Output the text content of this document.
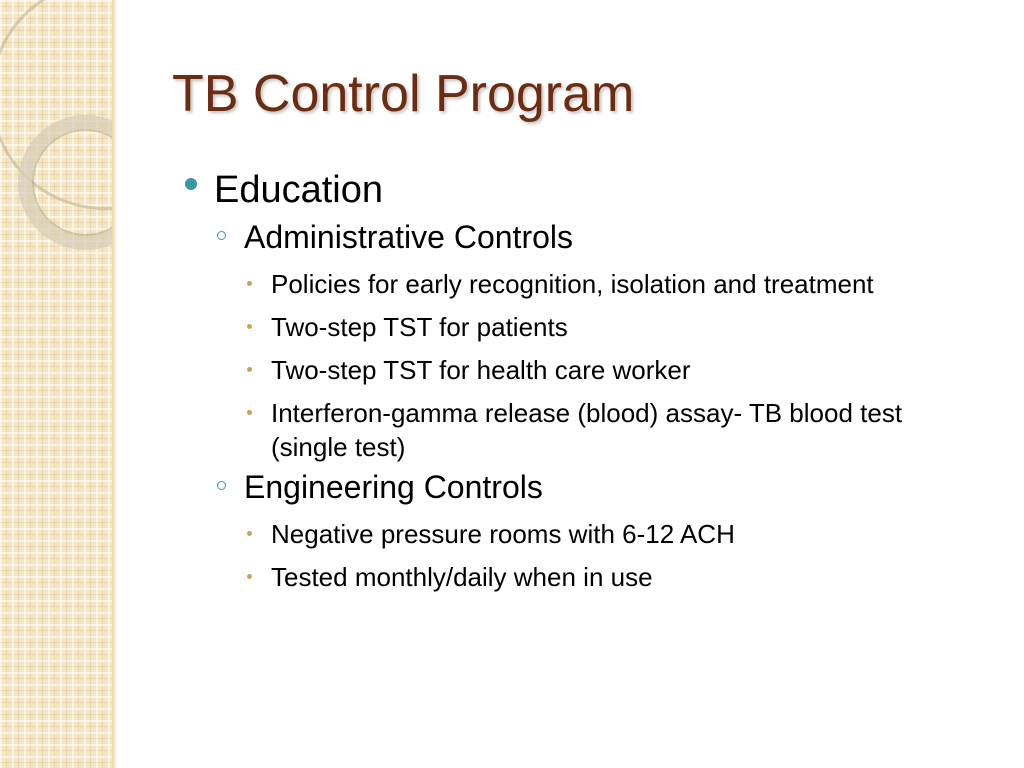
TB Control Program
Education
Administrative Controls
Policies for early recognition, isolation and treatment
Two-step TST for patients
Two-step TST for health care worker
Interferon-gamma release (blood) assay- TB blood test (single test)
Engineering Controls
Negative pressure rooms with 6-12 ACH
Tested monthly/daily when in use
